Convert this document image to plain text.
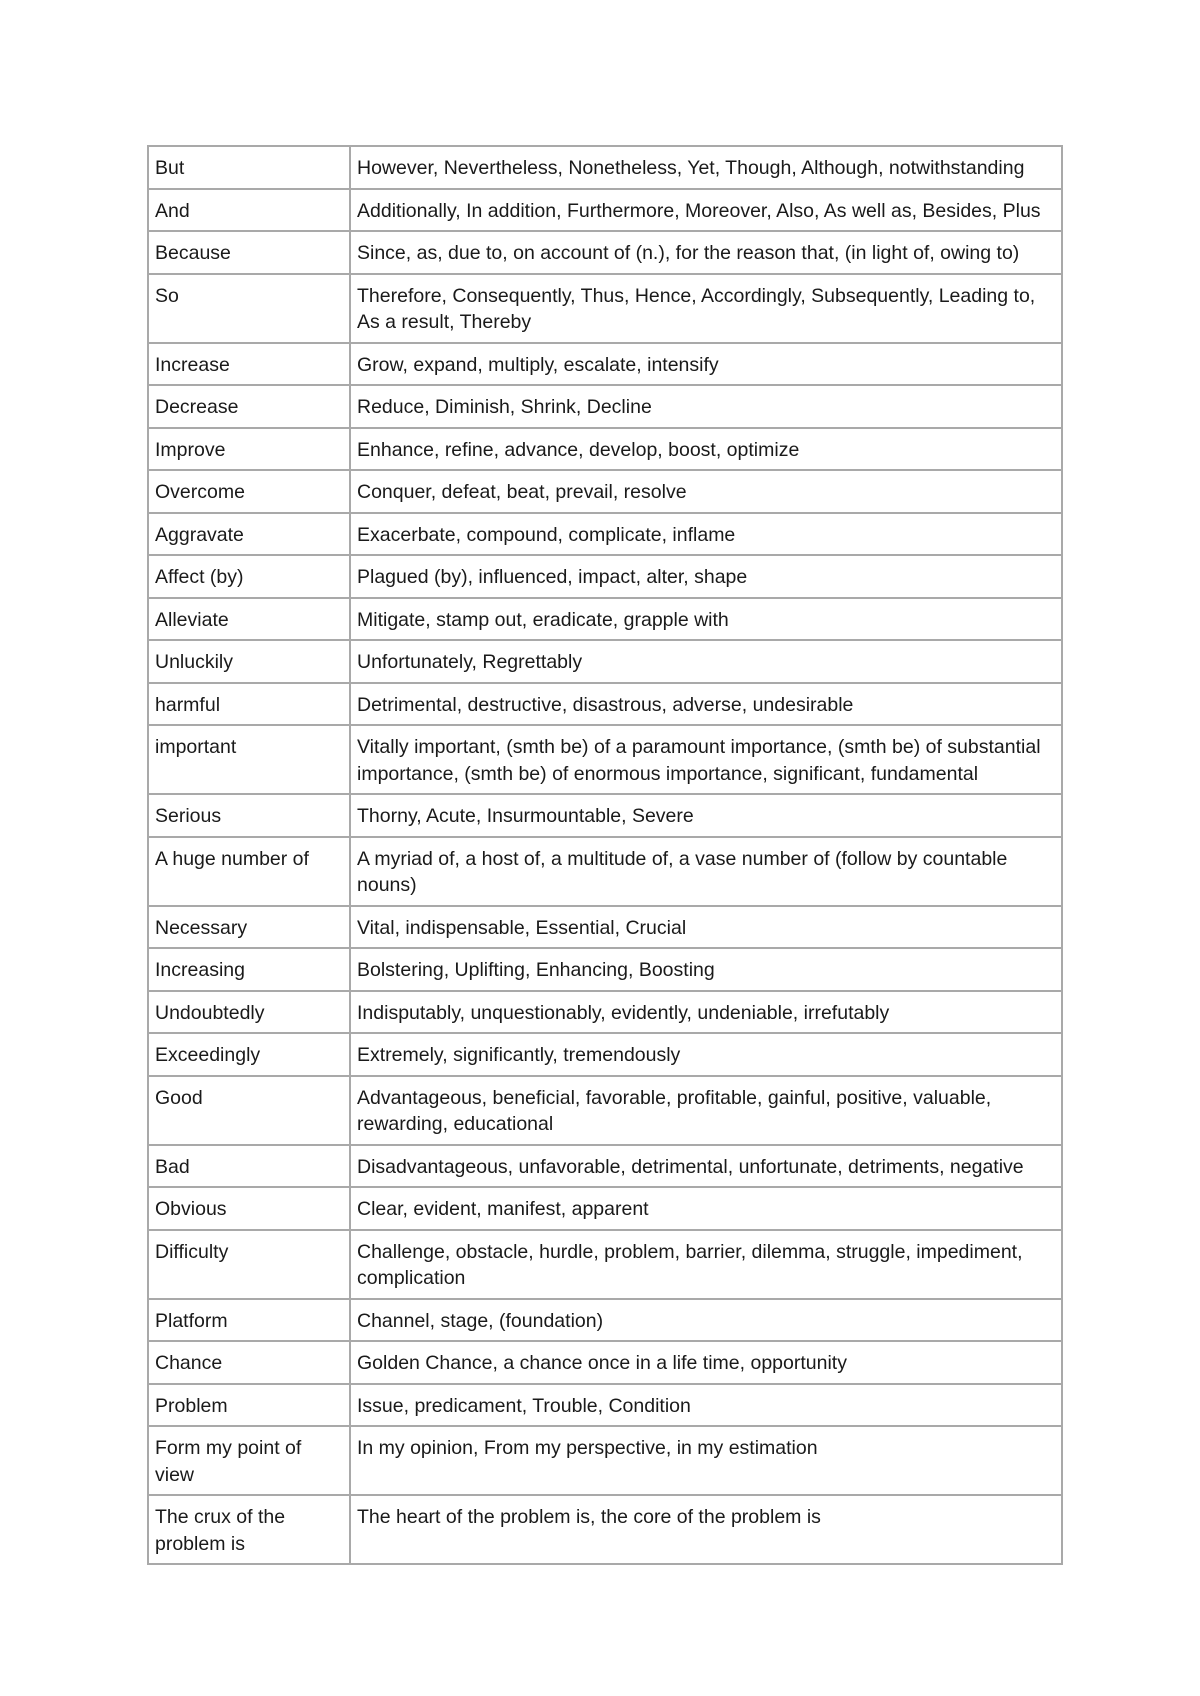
But	However, Nevertheless, Nonetheless, Yet, Though, Although, notwithstanding
And	Additionally, In addition, Furthermore, Moreover, Also, As well as, Besides, Plus
Because	Since, as, due to, on account of (n.), for the reason that, (in light of, owing to)
So	Therefore, Consequently, Thus, Hence, Accordingly, Subsequently, Leading to, As a result, Thereby
Increase	Grow, expand, multiply, escalate, intensify
Decrease	Reduce, Diminish, Shrink, Decline
Improve	Enhance, refine, advance, develop, boost, optimize
Overcome	Conquer, defeat, beat, prevail, resolve
Aggravate	Exacerbate, compound, complicate, inflame
Affect (by)	Plagued (by), influenced, impact, alter, shape
Alleviate	Mitigate, stamp out, eradicate, grapple with
Unluckily	Unfortunately, Regrettably
harmful	Detrimental, destructive, disastrous, adverse, undesirable
important	Vitally important, (smth be) of a paramount importance, (smth be) of substantial importance, (smth be) of enormous importance, significant, fundamental
Serious	Thorny, Acute, Insurmountable, Severe
A huge number of	A myriad of, a host of, a multitude of, a vase number of (follow by countable nouns)
Necessary	Vital, indispensable, Essential, Crucial
Increasing	Bolstering, Uplifting, Enhancing, Boosting
Undoubtedly	Indisputably, unquestionably, evidently, undeniable, irrefutably
Exceedingly	Extremely, significantly, tremendously
Good	Advantageous, beneficial, favorable, profitable, gainful, positive, valuable, rewarding, educational
Bad	Disadvantageous, unfavorable, detrimental, unfortunate, detriments, negative
Obvious	Clear, evident, manifest, apparent
Difficulty	Challenge, obstacle, hurdle, problem, barrier, dilemma, struggle, impediment, complication
Platform	Channel, stage, (foundation)
Chance	Golden Chance, a chance once in a life time, opportunity
Problem	Issue, predicament, Trouble, Condition
Form my point of view	In my opinion, From my perspective, in my estimation
The crux of the problem is	The heart of the problem is, the core of the problem is
